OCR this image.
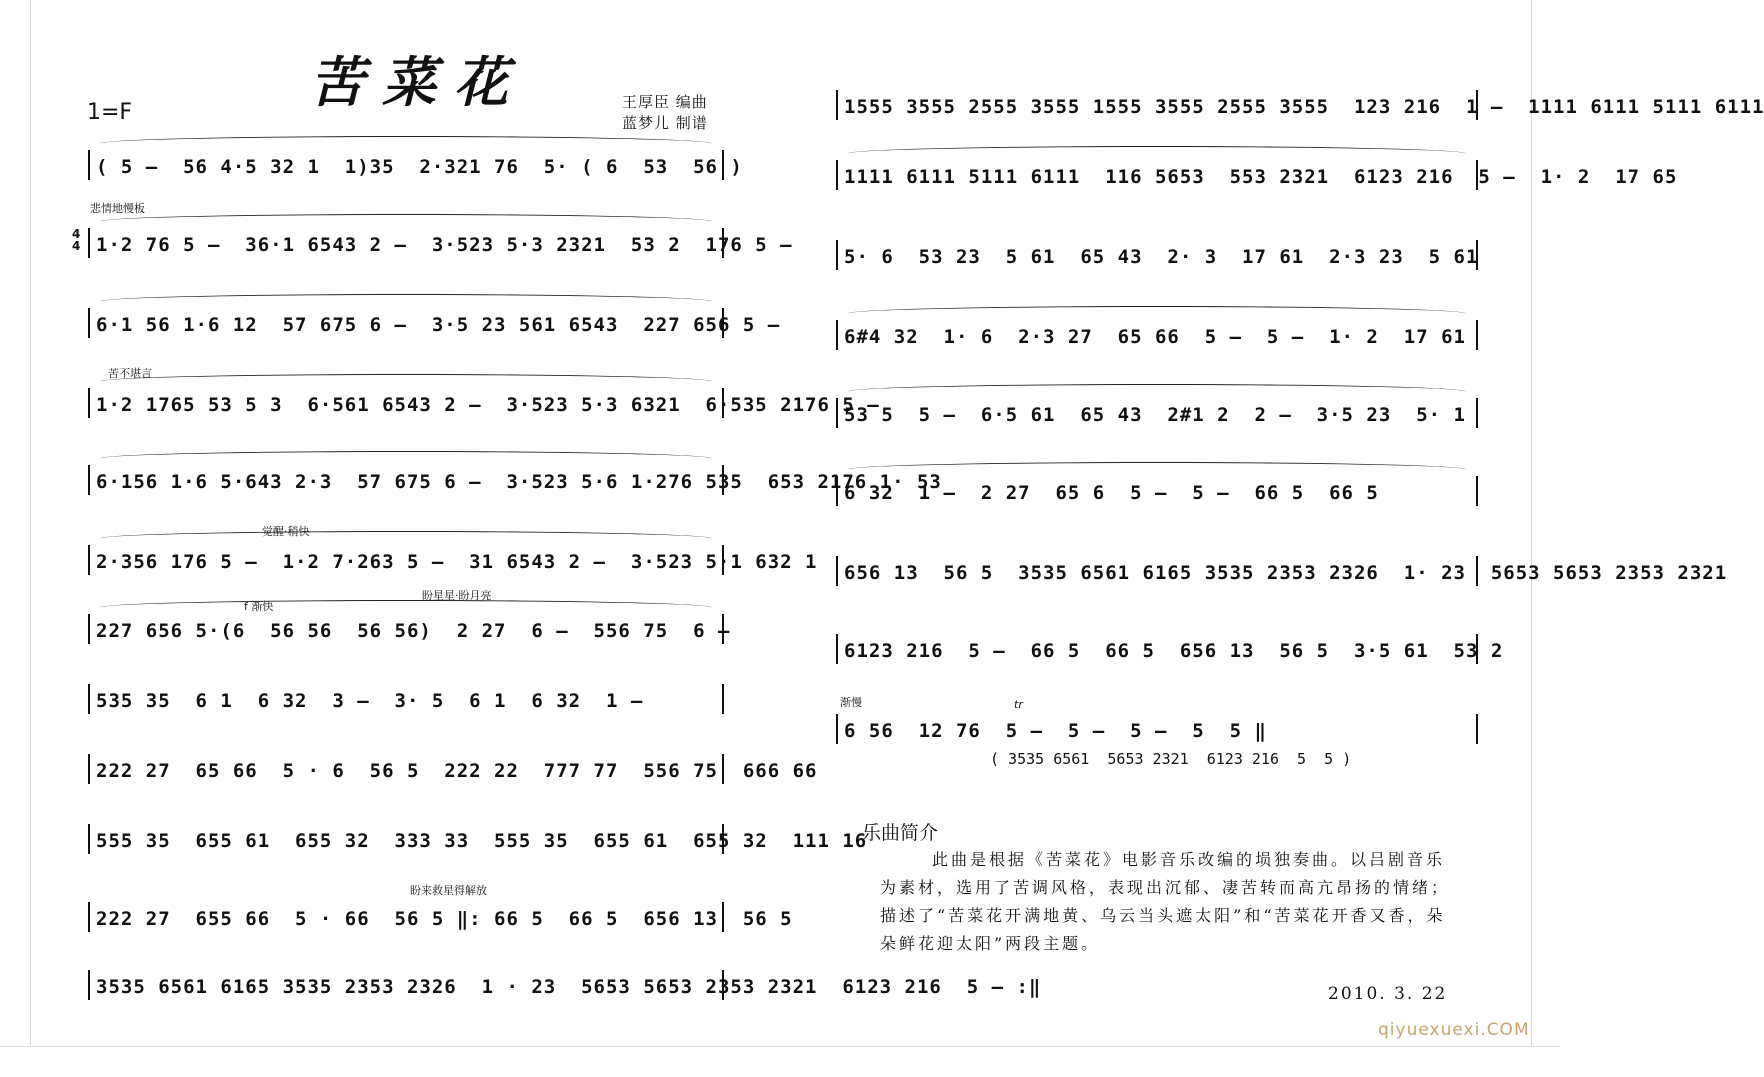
苦菜花
1=F	王厚臣 编曲
蓝梦儿 制谱
4
4
悲情地慢板
苦不堪言
觉醒·稍快
f 渐快
盼星星·盼月亮
盼来救星得解放
渐慢	tr
( 5 —  56 4·5 32 1  1)35  2·321 76  5· ( 6  53  56 )
1·2 76 5 —  36·1 6543 2 —  3·523 5·3 2321  53 2  176 5 —
6·1 56 1·6 12  57 675 6 —  3·5 23 561 6543  227 656 5 —
1·2 1765 53 5 3  6·561 6543 2 —  3·523 5·3 6321  6·535 2176 5 —
6·156 1·6 5·643 2·3  57 675 6 —  3·523 5·6 1·276 535  653 2176 1· 53
2·356 176 5 —  1·2 7·263 5 —  31 6543 2 —  3·523 5·1 632 1
227 656 5·(6  56 56  56 56)  2 27  6 —  556 75  6 —
535 35  6 1  6 32  3 —  3· 5  6 1  6 32  1 —
222 27  65 66  5 · 6  56 5  222 22  777 77  556 75  666 66
555 35  655 61  655 32  333 33  555 35  655 61  655 32  111 16
222 27  655 66  5 · 66  56 5 ‖: 66 5  66 5  656 13  56 5
3535 6561 6165 3535 2353 2326  1 · 23  5653 5653 2353 2321  6123 216  5 — :‖
1555 3555 2555 3555 1555 3555 2555 3555  123 216  1 —  1111 6111 5111 6111
1111 6111 5111 6111  116 5653  553 2321  6123 216  5 —  1· 2  17 65
5· 6  53 23  5 61  65 43  2· 3  17 61  2·3 23  5 61
6#4 32  1· 6  2·3 27  65 66  5 —  5 —  1· 2  17 61
53 5  5 —  6·5 61  65 43  2#1 2  2 —  3·5 23  5· 1
6 32  1 —  2 27  65 6  5 —  5 —  66 5  66 5
656 13  56 5  3535 6561 6165 3535 2353 2326  1· 23  5653 5653 2353 2321
6123 216  5 —  66 5  66 5  656 13  56 5  3·5 61  53 2
6 56  12 76  5 —  5 —  5 —  5  5 ‖
( 3535 6561  5653 2321  6123 216  5  5 )
乐曲简介
此曲是根据《苦菜花》电影音乐改编的埙独奏曲。以吕剧音乐为素材，选用了苦调风格，表现出沉郁、凄苦转而高亢昂扬的情绪；描述了“苦菜花开满地黄、乌云当头遮太阳”和“苦菜花开香又香，朵朵鲜花迎太阳”两段主题。
2010. 3. 22
qiyuexuexi.COM
